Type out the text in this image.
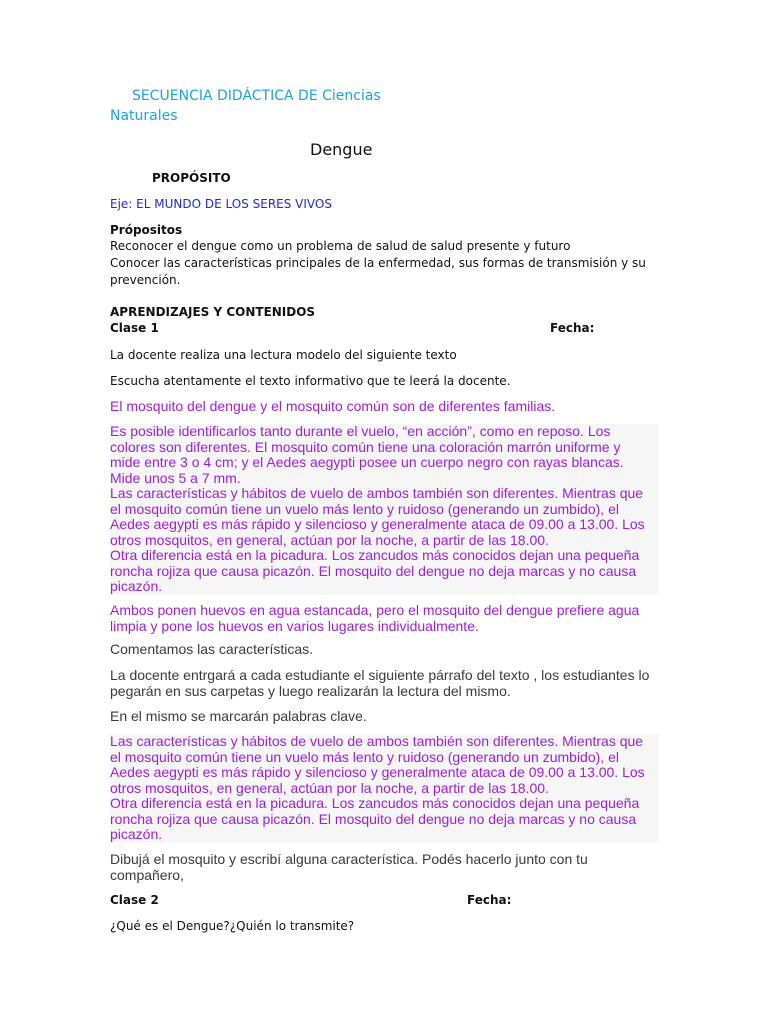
SECUENCIA DIDÁCTICA DE Ciencias
Naturales
Dengue
PROPÓSITO
Eje: EL MUNDO DE LOS SERES VIVOS
Própositos
Reconocer el dengue como un problema de salud de salud presente y futuro
Conocer las características principales de la enfermedad, sus formas de transmisión y su
prevención.
APRENDIZAJES Y CONTENIDOS
Clase 1	Fecha:
La docente realiza una lectura modelo del siguiente texto
Escucha atentamente el texto informativo que te leerá la docente.
El mosquito del dengue y el mosquito común son de diferentes familias.
Es posible identificarlos tanto durante el vuelo, “en acción”, como en reposo. Los
colores son diferentes. El mosquito común tiene una coloración marrón uniforme y
mide entre 3 o 4 cm; y el Aedes aegypti posee un cuerpo negro con rayas blancas.
Mide unos 5 a 7 mm.
Las características y hábitos de vuelo de ambos también son diferentes. Mientras que
el mosquito común tiene un vuelo más lento y ruidoso (generando un zumbido), el
Aedes aegypti es más rápido y silencioso y generalmente ataca de 09.00 a 13.00. Los
otros mosquitos, en general, actúan por la noche, a partir de las 18.00.
Otra diferencia está en la picadura. Los zancudos más conocidos dejan una pequeña
roncha rojiza que causa picazón. El mosquito del dengue no deja marcas y no causa
picazón.
Ambos ponen huevos en agua estancada, pero el mosquito del dengue prefiere agua
limpia y pone los huevos en varios lugares individualmente.
Comentamos las características.
La docente entrgará a cada estudiante el siguiente párrafo del texto , los estudiantes lo
pegarán en sus carpetas y luego realizarán la lectura del mismo.
En el mismo se marcarán palabras clave.
Las características y hábitos de vuelo de ambos también son diferentes. Mientras que
el mosquito común tiene un vuelo más lento y ruidoso (generando un zumbido), el
Aedes aegypti es más rápido y silencioso y generalmente ataca de 09.00 a 13.00. Los
otros mosquitos, en general, actúan por la noche, a partir de las 18.00.
Otra diferencia está en la picadura. Los zancudos más conocidos dejan una pequeña
roncha rojiza que causa picazón. El mosquito del dengue no deja marcas y no causa
picazón.
Dibujá el mosquito y escribí alguna característica. Podés hacerlo junto con tu
compañero,
Clase 2	Fecha:
¿Qué es el Dengue?¿Quién lo transmite?
